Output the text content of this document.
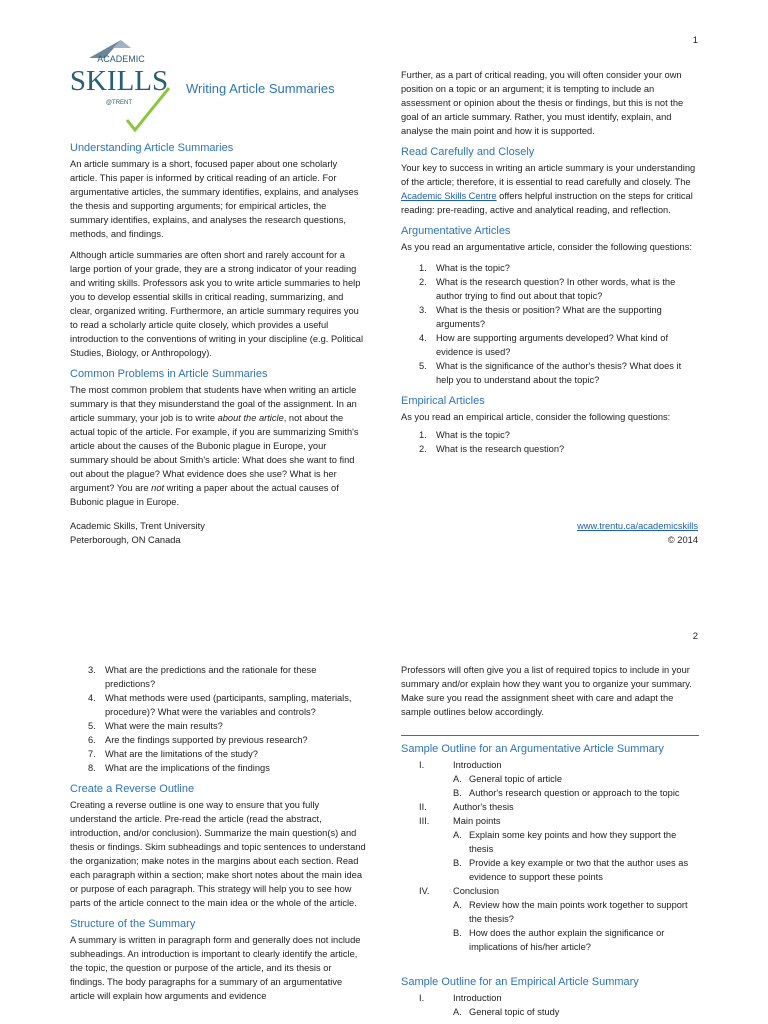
1
ACADEMIC
SKILLS
@TRENT
Writing Article Summaries
Understanding Article Summaries

An article summary is a short, focused paper about one scholarly article. This paper is informed by critical reading of an article. For argumentative articles, the summary identifies, explains, and analyses the thesis and supporting arguments; for empirical articles, the summary identifies, explains, and analyses the research questions, methods, and findings.

Although article summaries are often short and rarely account for a large portion of your grade, they are a strong indicator of your reading and writing skills. Professors ask you to write article summaries to help you to develop essential skills in critical reading, summarizing, and clear, organized writing. Furthermore, an article summary requires you to read a scholarly article quite closely, which provides a useful introduction to the conventions of writing in your discipline (e.g. Political Studies, Biology, or Anthropology).

Common Problems in Article Summaries

The most common problem that students have when writing an article summary is that they misunderstand the goal of the assignment. In an article summary, your job is to write about the article, not about the actual topic of the article. For example, if you are summarizing Smith's article about the causes of the Bubonic plague in Europe, your summary should be about Smith's article: What does she want to find out about the plague? What evidence does she use? What is her argument? You are not writing a paper about the actual causes of Bubonic plague in Europe.

Further, as a part of critical reading, you will often consider your own position on a topic or an argument; it is tempting to include an assessment or opinion about the thesis or findings, but this is not the goal of an article summary. Rather, you must identify, explain, and analyse the main point and how it is supported.

Read Carefully and Closely

Your key to success in writing an article summary is your understanding of the article; therefore, it is essential to read carefully and closely. The Academic Skills Centre offers helpful instruction on the steps for critical reading: pre-reading, active and analytical reading, and reflection.

Argumentative Articles

As you read an argumentative article, consider the following questions:

1. What is the topic?
2. What is the research question? In other words, what is the author trying to find out about that topic?
3. What is the thesis or position? What are the supporting arguments?
4. How are supporting arguments developed? What kind of evidence is used?
5. What is the significance of the author's thesis? What does it help you to understand about the topic?
Empirical Articles

As you read an empirical article, consider the following questions:

1. What is the topic?
2. What is the research question?
Academic Skills, Trent University
Peterborough, ON Canada
www.trentu.ca/academicskills
© 2014
2
3. What are the predictions and the rationale for these predictions?
4. What methods were used (participants, sampling, materials, procedure)? What were the variables and controls?
5. What were the main results?
6. Are the findings supported by previous research?
7. What are the limitations of the study?
8. What are the implications of the findings
Create a Reverse Outline

Creating a reverse outline is one way to ensure that you fully understand the article. Pre-read the article (read the abstract, introduction, and/or conclusion). Summarize the main question(s) and thesis or findings. Skim subheadings and topic sentences to understand the organization; make notes in the margins about each section. Read each paragraph within a section; make short notes about the main idea or purpose of each paragraph. This strategy will help you to see how parts of the article connect to the main idea or the whole of the article.

Structure of the Summary

A summary is written in paragraph form and generally does not include subheadings. An introduction is important to clearly identify the article, the topic, the question or purpose of the article, and its thesis or findings. The body paragraphs for a summary of an argumentative article will explain how arguments and evidence

Professors will often give you a list of required topics to include in your summary and/or explain how they want you to organize your summary. Make sure you read the assignment sheet with care and adapt the sample outlines below accordingly.

Sample Outline for an Argumentative Article Summary
I.	Introduction
A. General topic of article
B. Author's research question or approach to the topic
II.	Author's thesis
III.	Main points
A. Explain some key points and how they support the thesis
B. Provide a key example or two that the author uses as evidence to support these points
IV.	Conclusion
A. Review how the main points work together to support the thesis?
B. How does the author explain the significance or implications of his/her article?
Sample Outline for an Empirical Article Summary
I.	Introduction
A. General topic of study
